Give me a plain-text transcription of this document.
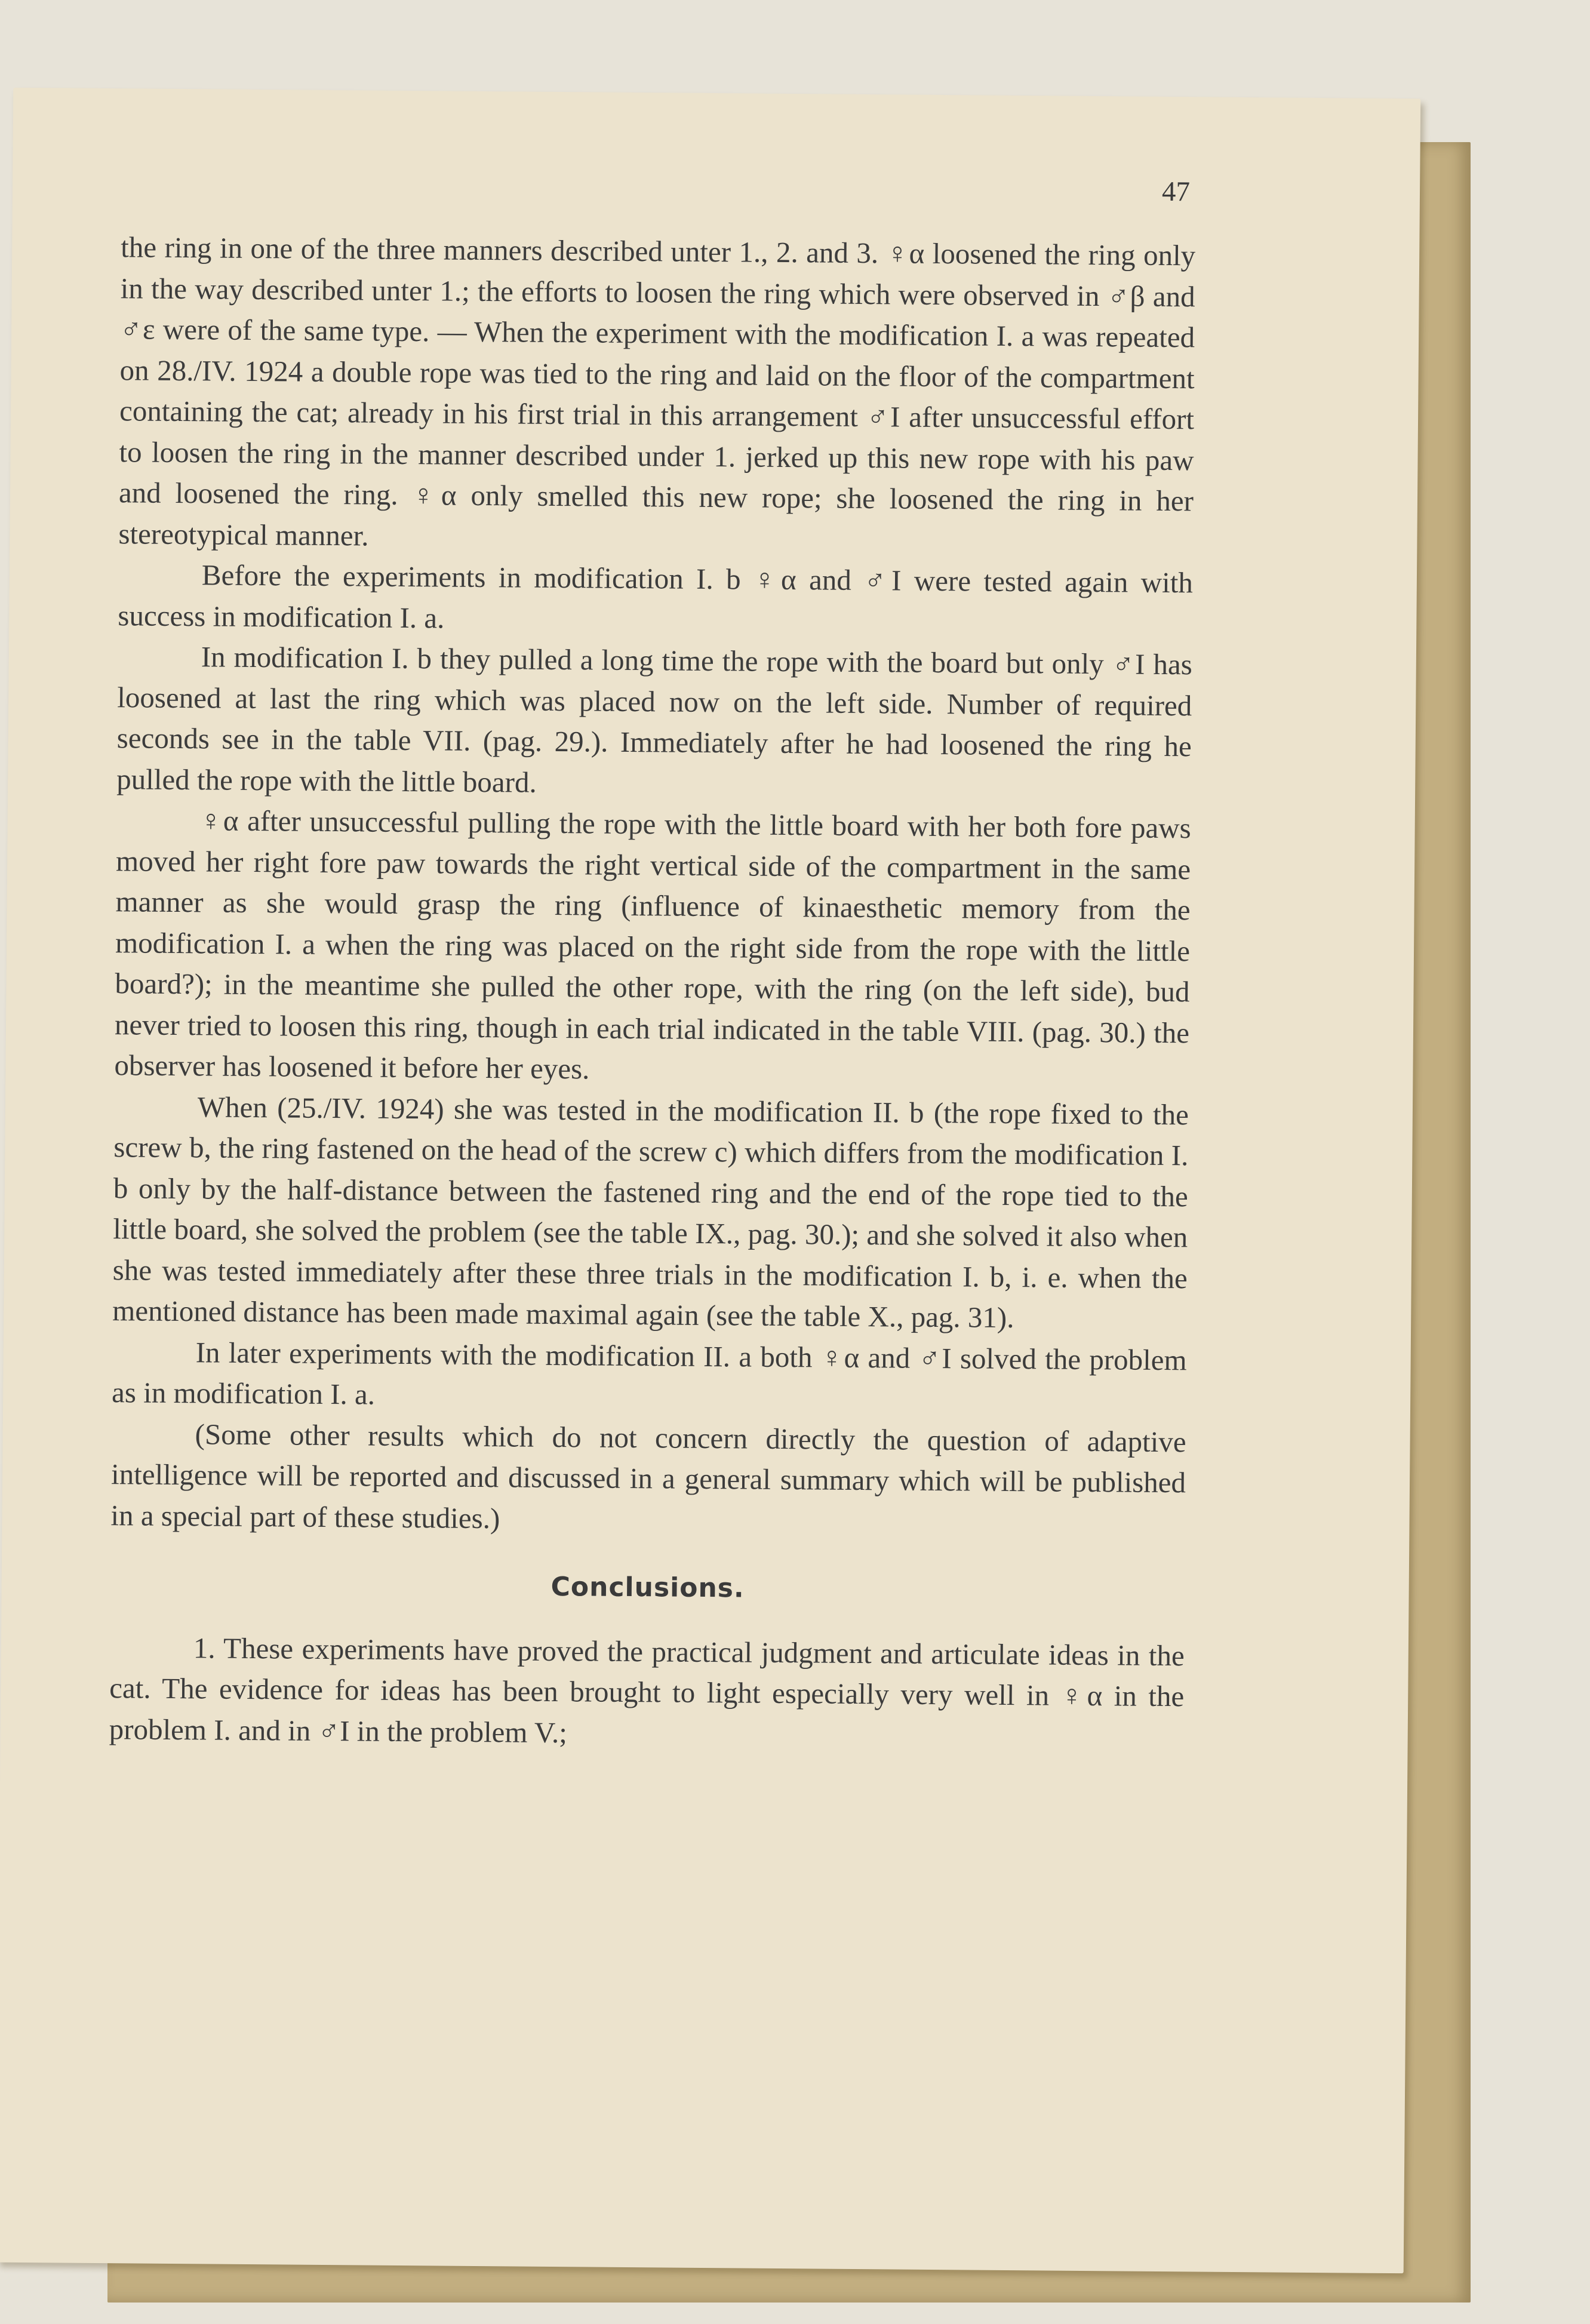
47

the ring in one of the three manners described unter 1., 2. and 3. ♀α loosened the ring only in the way described unter 1.; the efforts to loosen the ring which were observed in ♂β and ♂ε were of the same type. — When the experiment with the modification I. a was repeated on 28./IV. 1924 a double rope was tied to the ring and laid on the floor of the compartment containing the cat; already in his first trial in this arrangement ♂I after unsuccessful effort to loosen the ring in the manner described under 1. jerked up this new rope with his paw and loosened the ring. ♀α only smelled this new rope; she loosened the ring in her stereotypical manner.

Before the experiments in modification I. b ♀α and ♂I were tested again with success in modification I. a.

In modification I. b they pulled a long time the rope with the board but only ♂I has loosened at last the ring which was placed now on the left side. Number of required seconds see in the table VII. (pag. 29.). Immediately after he had loosened the ring he pulled the rope with the little board.

♀α after unsuccessful pulling the rope with the little board with her both fore paws moved her right fore paw towards the right vertical side of the compartment in the same manner as she would grasp the ring (influence of kinaesthetic memory from the modification I. a when the ring was placed on the right side from the rope with the little board?); in the meantime she pulled the other rope, with the ring (on the left side), bud never tried to loosen this ring, though in each trial indicated in the table VIII. (pag. 30.) the observer has loosened it before her eyes.

When (25./IV. 1924) she was tested in the modification II. b (the rope fixed to the screw b, the ring fastened on the head of the screw c) which differs from the modification I. b only by the half-distance between the fastened ring and the end of the rope tied to the little board, she solved the problem (see the table IX., pag. 30.); and she solved it also when she was tested immediately after these three trials in the modification I. b, i. e. when the mentioned distance has been made maximal again (see the table X., pag. 31).

In later experiments with the modification II. a both ♀α and ♂I solved the problem as in modification I. a.

(Some other results which do not concern directly the question of adaptive intelligence will be reported and discussed in a general summary which will be published in a special part of these studies.)

Conclusions.

1. These experiments have proved the practical judgment and articulate ideas in the cat. The evidence for ideas has been brought to light especially very well in ♀α in the problem I. and in ♂I in the problem V.;
